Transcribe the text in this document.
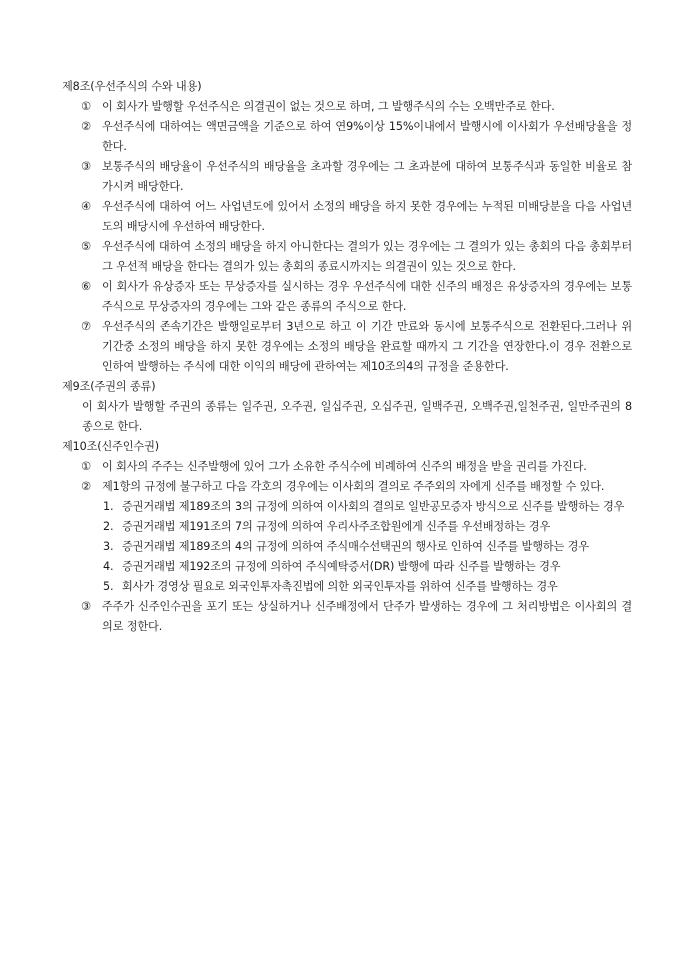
제8조(우선주식의 수와 내용)
① 이 회사가 발행할 우선주식은 의결권이 없는 것으로 하며, 그 발행주식의 수는 오백만주로 한다.
② 우선주식에 대하여는 액면금액을 기준으로 하여 연9%이상 15%이내에서 발행시에 이사회가 우선배당율을 정한다.
③ 보통주식의 배당율이 우선주식의 배당율을 초과할 경우에는 그 초과분에 대하여 보통주식과 동일한 비율로 참가시켜 배당한다.
④ 우선주식에 대하여 어느 사업년도에 있어서 소정의 배당을 하지 못한 경우에는 누적된 미배당분을 다음 사업년도의 배당시에 우선하여 배당한다.
⑤ 우선주식에 대하여 소정의 배당을 하지 아니한다는 결의가 있는 경우에는 그 결의가 있는 총회의 다음 총회부터 그 우선적 배당을 한다는 결의가 있는 총회의 종료시까지는 의결권이 있는 것으로 한다.
⑥ 이 회사가 유상증자 또는 무상증자를 실시하는 경우 우선주식에 대한 신주의 배정은 유상증자의 경우에는 보통주식으로 무상증자의 경우에는 그와 같은 종류의 주식으로 한다.
⑦ 우선주식의 존속기간은 발행일로부터 3년으로 하고 이 기간 만료와 동시에 보통주식으로 전환된다.그러나 위 기간중 소정의 배당을 하지 못한 경우에는 소정의 배당을 완료할 때까지 그 기간을 연장한다.이 경우 전환으로 인하여 발행하는 주식에 대한 이익의 배당에 관하여는 제10조의4의 규정을 준용한다.
제9조(주권의 종류)
이 회사가 발행할 주권의 종류는 일주권, 오주권, 일십주권, 오십주권, 일백주권, 오백주권,일천주권, 일만주권의 8종으로 한다.
제10조(신주인수권)
① 이 회사의 주주는 신주발행에 있어 그가 소유한 주식수에 비례하여 신주의 배정을 받을 권리를 가진다.
② 제1항의 규정에 불구하고 다음 각호의 경우에는 이사회의 결의로 주주외의 자에게 신주를 배정할 수 있다.
1. 증권거래법 제189조의 3의 규정에 의하여 이사회의 결의로 일반공모증자 방식으로 신주를 발행하는 경우
2. 증권거래법 제191조의 7의 규정에 의하여 우리사주조합원에게 신주를 우선배정하는 경우
3. 증권거래법 제189조의 4의 규정에 의하여 주식매수선택권의 행사로 인하여 신주를 발행하는 경우
4. 증권거래법 제192조의 규정에 의하여 주식예탁증서(DR) 발행에 따라 신주를 발행하는 경우
5. 회사가 경영상 필요로 외국인투자촉진법에 의한 외국인투자를 위하여 신주를 발행하는 경우
③ 주주가 신주인수권을 포기 또는 상실하거나 신주배정에서 단주가 발생하는 경우에 그 처리방법은 이사회의 결의로 정한다.
